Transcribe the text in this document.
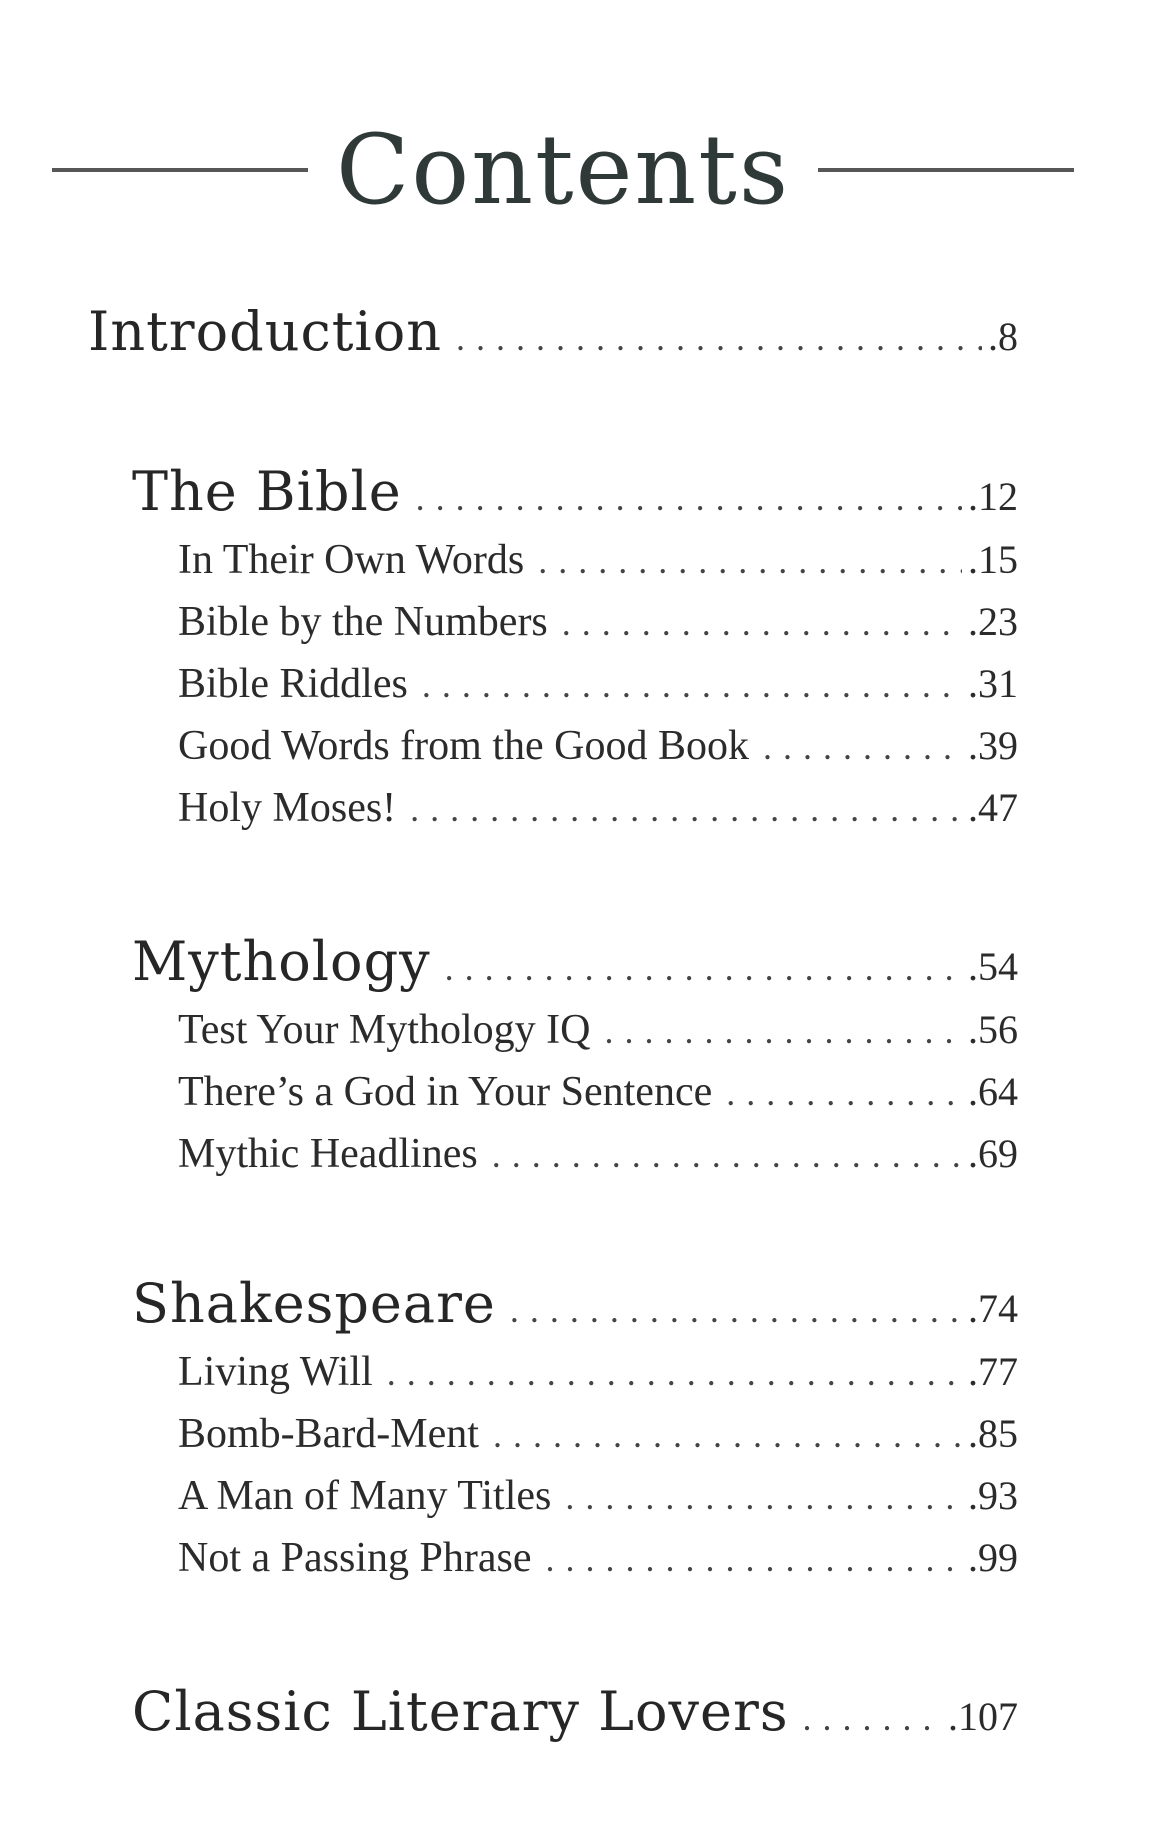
Contents
Introduction . . .	.8
The Bible . . .	.12
In Their Own Words . . .	.15
Bible by the Numbers . . .	.23
Bible Riddles . . .	.31
Good Words from the Good Book . . .	.39
Holy Moses! . . .	.47
Mythology . . .	.54
Test Your Mythology IQ . . .	.56
There’s a God in Your Sentence . . .	.64
Mythic Headlines . . .	.69
Shakespeare . . .	.74
Living Will . . .	.77
Bomb-Bard-Ment . . .	.85
A Man of Many Titles . . .	.93
Not a Passing Phrase . . .	.99
Classic Literary Lovers . . .	.107
